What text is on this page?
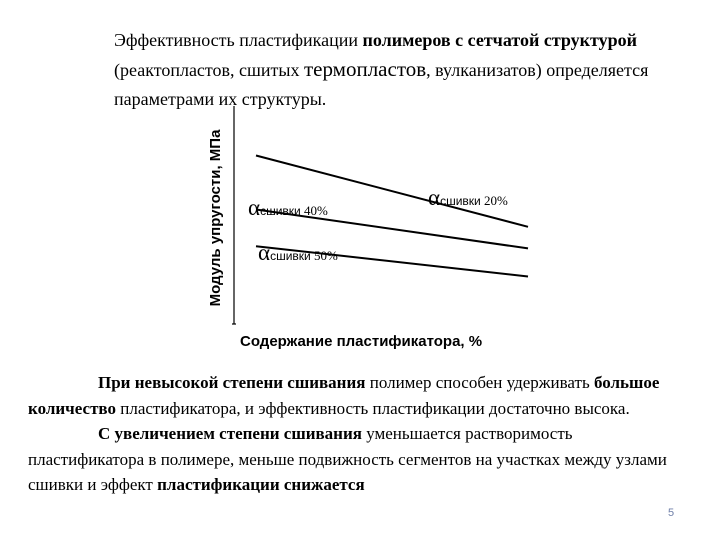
Эффективность пластификации полимеров с сетчатой структурой (реактопластов, сшитых термопластов, вулканизатов) определяется параметрами их структуры.
Модуль упругости, МПа αсшивки 40%
αсшивки 20%
αсшивки 50%
Содержание пластификатора, %
При невысокой степени сшивания полимер способен удерживать большое количество пластификатора, и эффективность пластификации достаточно высока.
С увеличением степени сшивания уменьшается растворимость пластификатора в полимере, меньше подвижность сегментов на участках между узлами сшивки и эффект пластификации снижается
5
